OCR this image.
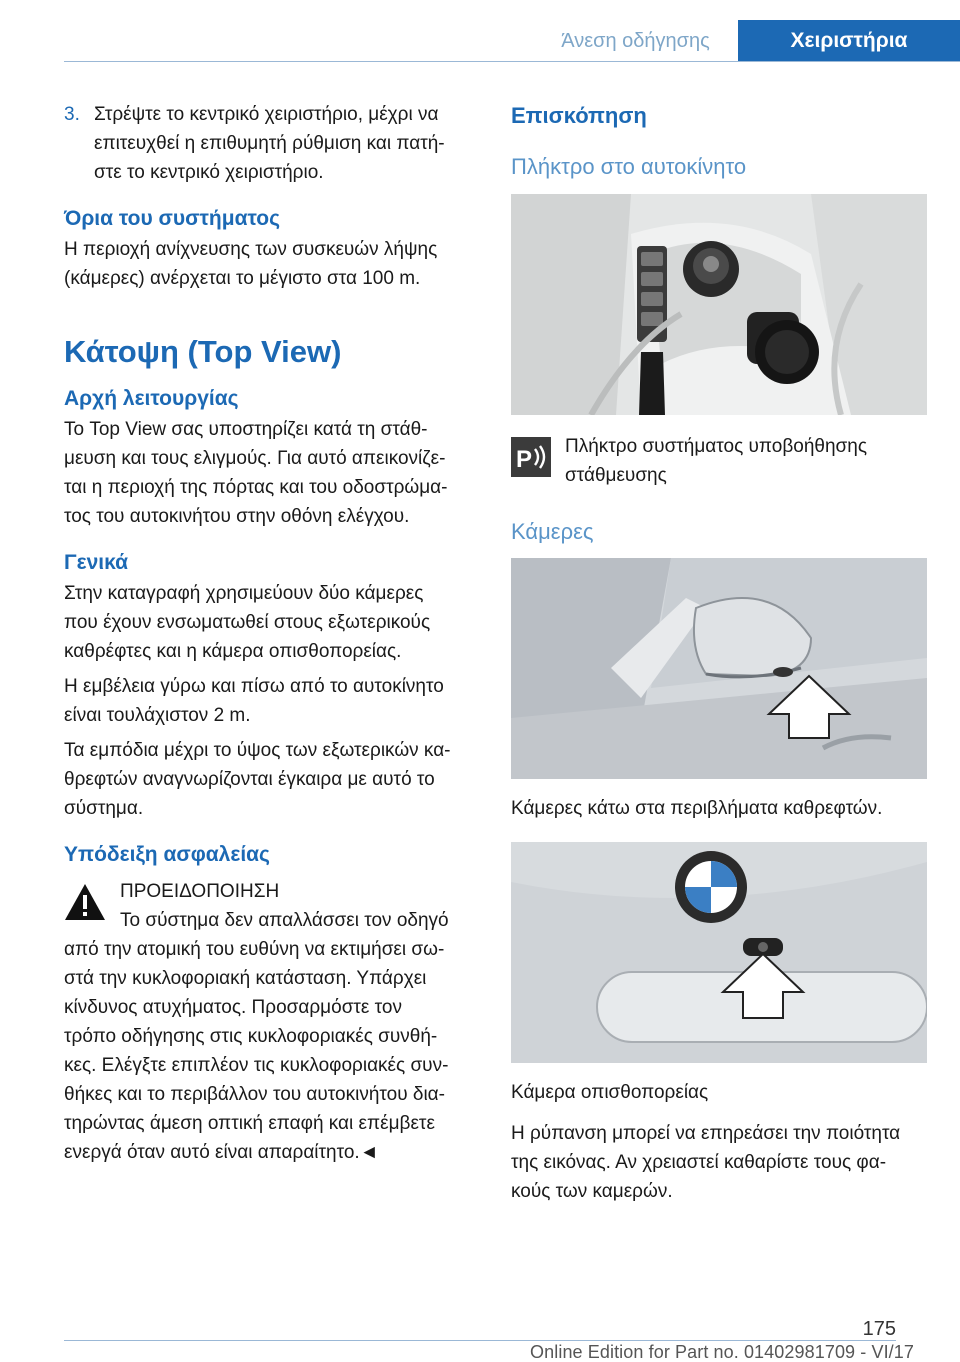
Άνεση οδήγησης	Χειριστήρια
3. Στρέψτε το κεντρικό χειριστήριο, μέχρι να
επιτευχθεί η επιθυμητή ρύθμιση και πατή-
στε το κεντρικό χειριστήριο.
Όρια του συστήματος
Η περιοχή ανίχνευσης των συσκευών λήψης
(κάμερες) ανέρχεται το μέγιστο στα 100 m.
Κάτοψη (Top View)
Αρχή λειτουργίας
Το Top View σας υποστηρίζει κατά τη στάθ-
μευση και τους ελιγμούς. Για αυτό απεικονίζε-
ται η περιοχή της πόρτας και του οδοστρώμα-
τος του αυτοκινήτου στην οθόνη ελέγχου.
Γενικά
Στην καταγραφή χρησιμεύουν δύο κάμερες
που έχουν ενσωματωθεί στους εξωτερικούς
καθρέφτες και η κάμερα οπισθοπορείας.
Η εμβέλεια γύρω και πίσω από το αυτοκίνητο
είναι τουλάχιστον 2 m.
Τα εμπόδια μέχρι το ύψος των εξωτερικών κα-
θρεφτών αναγνωρίζονται έγκαιρα με αυτό το
σύστημα.
Υπόδειξη ασφαλείας
ΠΡΟΕΙΔΟΠΟΙΗΣΗ
Το σύστημα δεν απαλλάσσει τον οδηγό
από την ατομική του ευθύνη να εκτιμήσει σω-
στά την κυκλοφοριακή κατάσταση. Υπάρχει
κίνδυνος ατυχήματος. Προσαρμόστε τον
τρόπο οδήγησης στις κυκλοφοριακές συνθή-
κες. Ελέγξτε επιπλέον τις κυκλοφοριακές συν-
θήκες και το περιβάλλον του αυτοκινήτου δια-
τηρώντας άμεση οπτική επαφή και επέμβετε
ενεργά όταν αυτό είναι απαραίτητο.◄
Επισκόπηση
Πλήκτρο στο αυτοκίνητο
P Πλήκτρο συστήματος υποβοήθησης
στάθμευσης
Κάμερες
Κάμερες κάτω στα περιβλήματα καθρεφτών.
Κάμερα οπισθοπορείας
Η ρύπανση μπορεί να επηρεάσει την ποιότητα
της εικόνας. Αν χρειαστεί καθαρίστε τους φα-
κούς των καμερών.
175
Online Edition for Part no. 01402981709 - VI/17
